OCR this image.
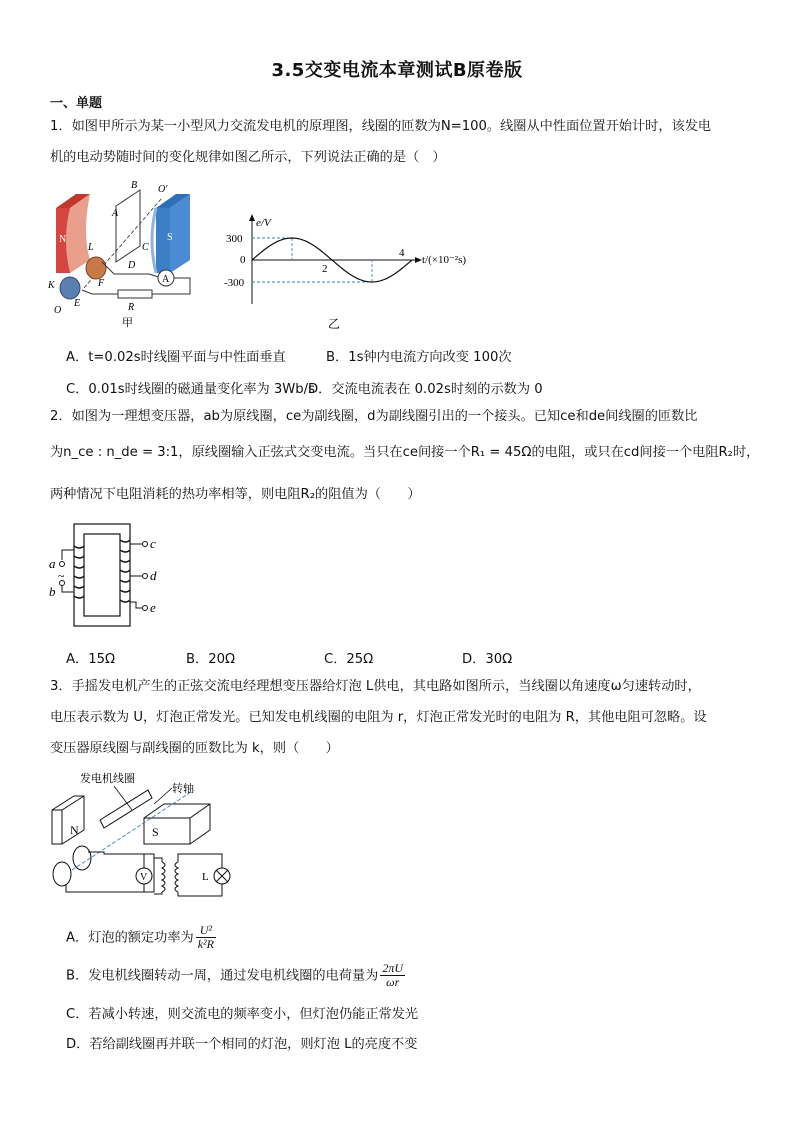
3.5交变电流本章测试B原卷版
一、单题
1．如图甲所示为某一小型风力交流发电机的原理图，线圈的匝数为N=100。线圈从中性面位置开始计时，该发电
机的电动势随时间的变化规律如图乙所示，下列说法正确的是（　）
N	S
A
B O′
A
C
D
L
F
K
E
O	R
甲
e/V
t/(×10⁻²s)
300
0
-300
2
4
乙
A．t=0.02s时线圈平面与中性面垂直	B．1s钟内电流方向改变 100次
C．0.01s时线圈的磁通量变化率为 3Wb/s
D．交流电流表在 0.02s时刻的示数为 0
2．如图为一理想变压器，ab为原线圈，ce为副线圈，d为副线圈引出的一个接头。已知ce和de间线圈的匝数比
为n_ce : n_de = 3:1，原线圈输入正弦式交变电流。当只在ce间接一个R₁ = 45Ω的电阻，或只在cd间接一个电阻R₂时，
两种情况下电阻消耗的热功率相等，则电阻R₂的阻值为（　　）
a
b
~
c
d
e
A．15Ω	B．20Ω	C．25Ω	D．30Ω
3．手摇发电机产生的正弦交流电经理想变压器给灯泡 L供电，其电路如图所示，当线圈以角速度ω匀速转动时，
电压表示数为 U，灯泡正常发光。已知发电机线圈的电阻为 r，灯泡正常发光时的电阻为 R，其他电阻可忽略。设
变压器原线圈与副线圈的匝数比为 k，则（　　）
发电机线圈
转轴
N	S
V	L
A．灯泡的额定功率为 $\frac{\text{U²}}{\text{k²R}}$
B．发电机线圈转动一周，通过发电机线圈的电荷量为 $\frac{2\pi U}{\omega r}$
C．若减小转速，则交流电的频率变小，但灯泡仍能正常发光
D．若给副线圈再并联一个相同的灯泡，则灯泡 L的亮度不变
